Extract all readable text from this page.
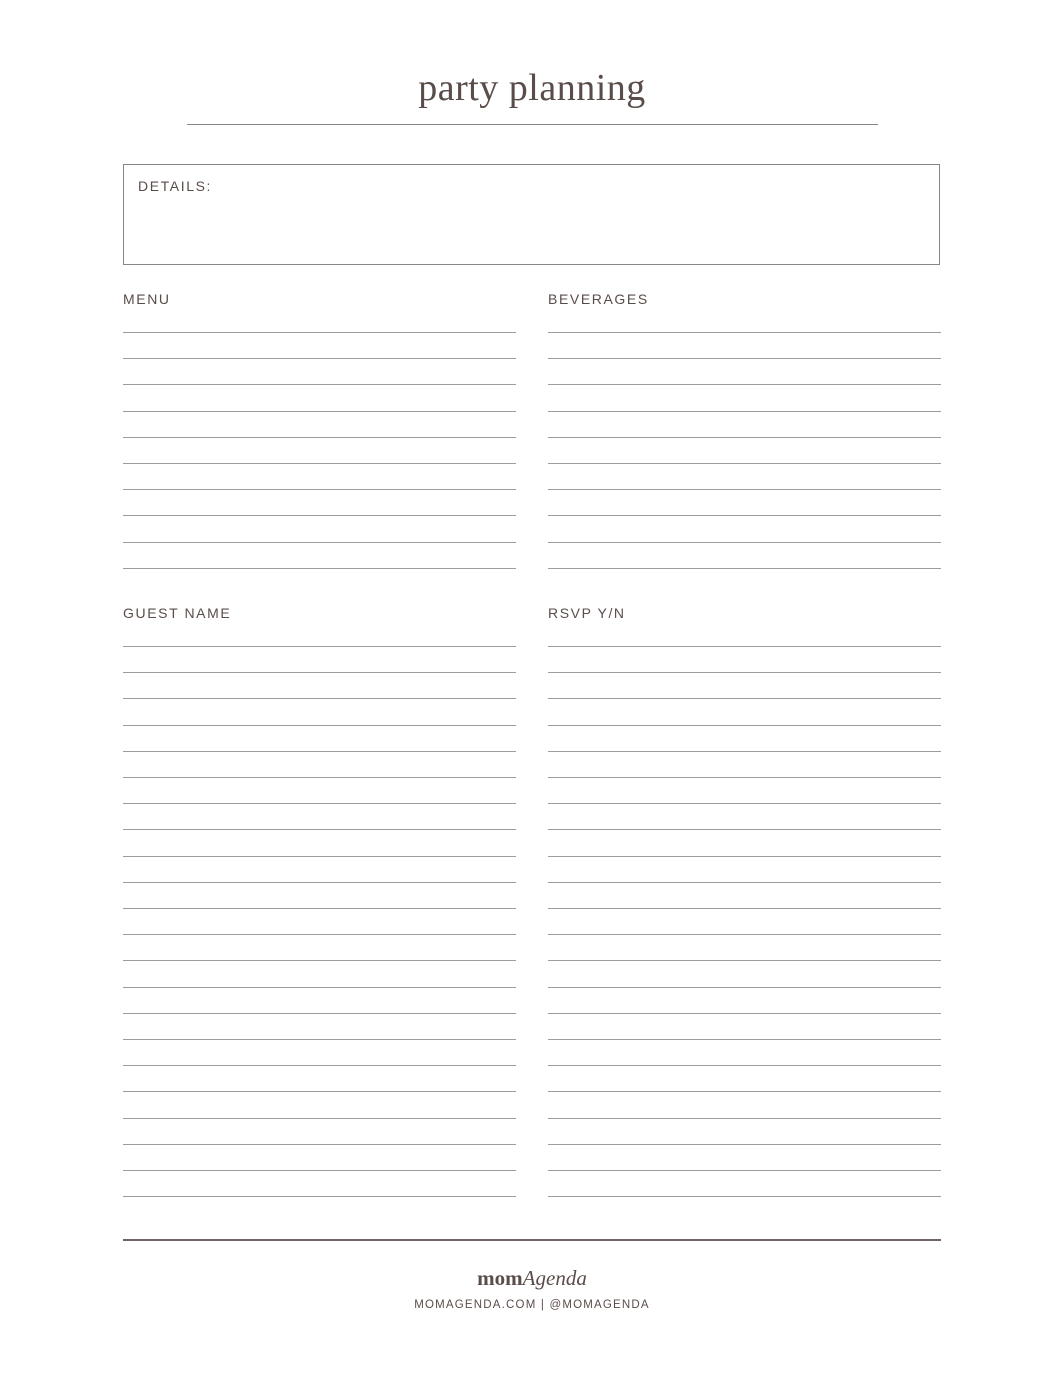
party planning
DETAILS:
MENU	BEVERAGES
GUEST NAME	RSVP Y/N
momAgenda
MOMAGENDA.COM | @MOMAGENDA
